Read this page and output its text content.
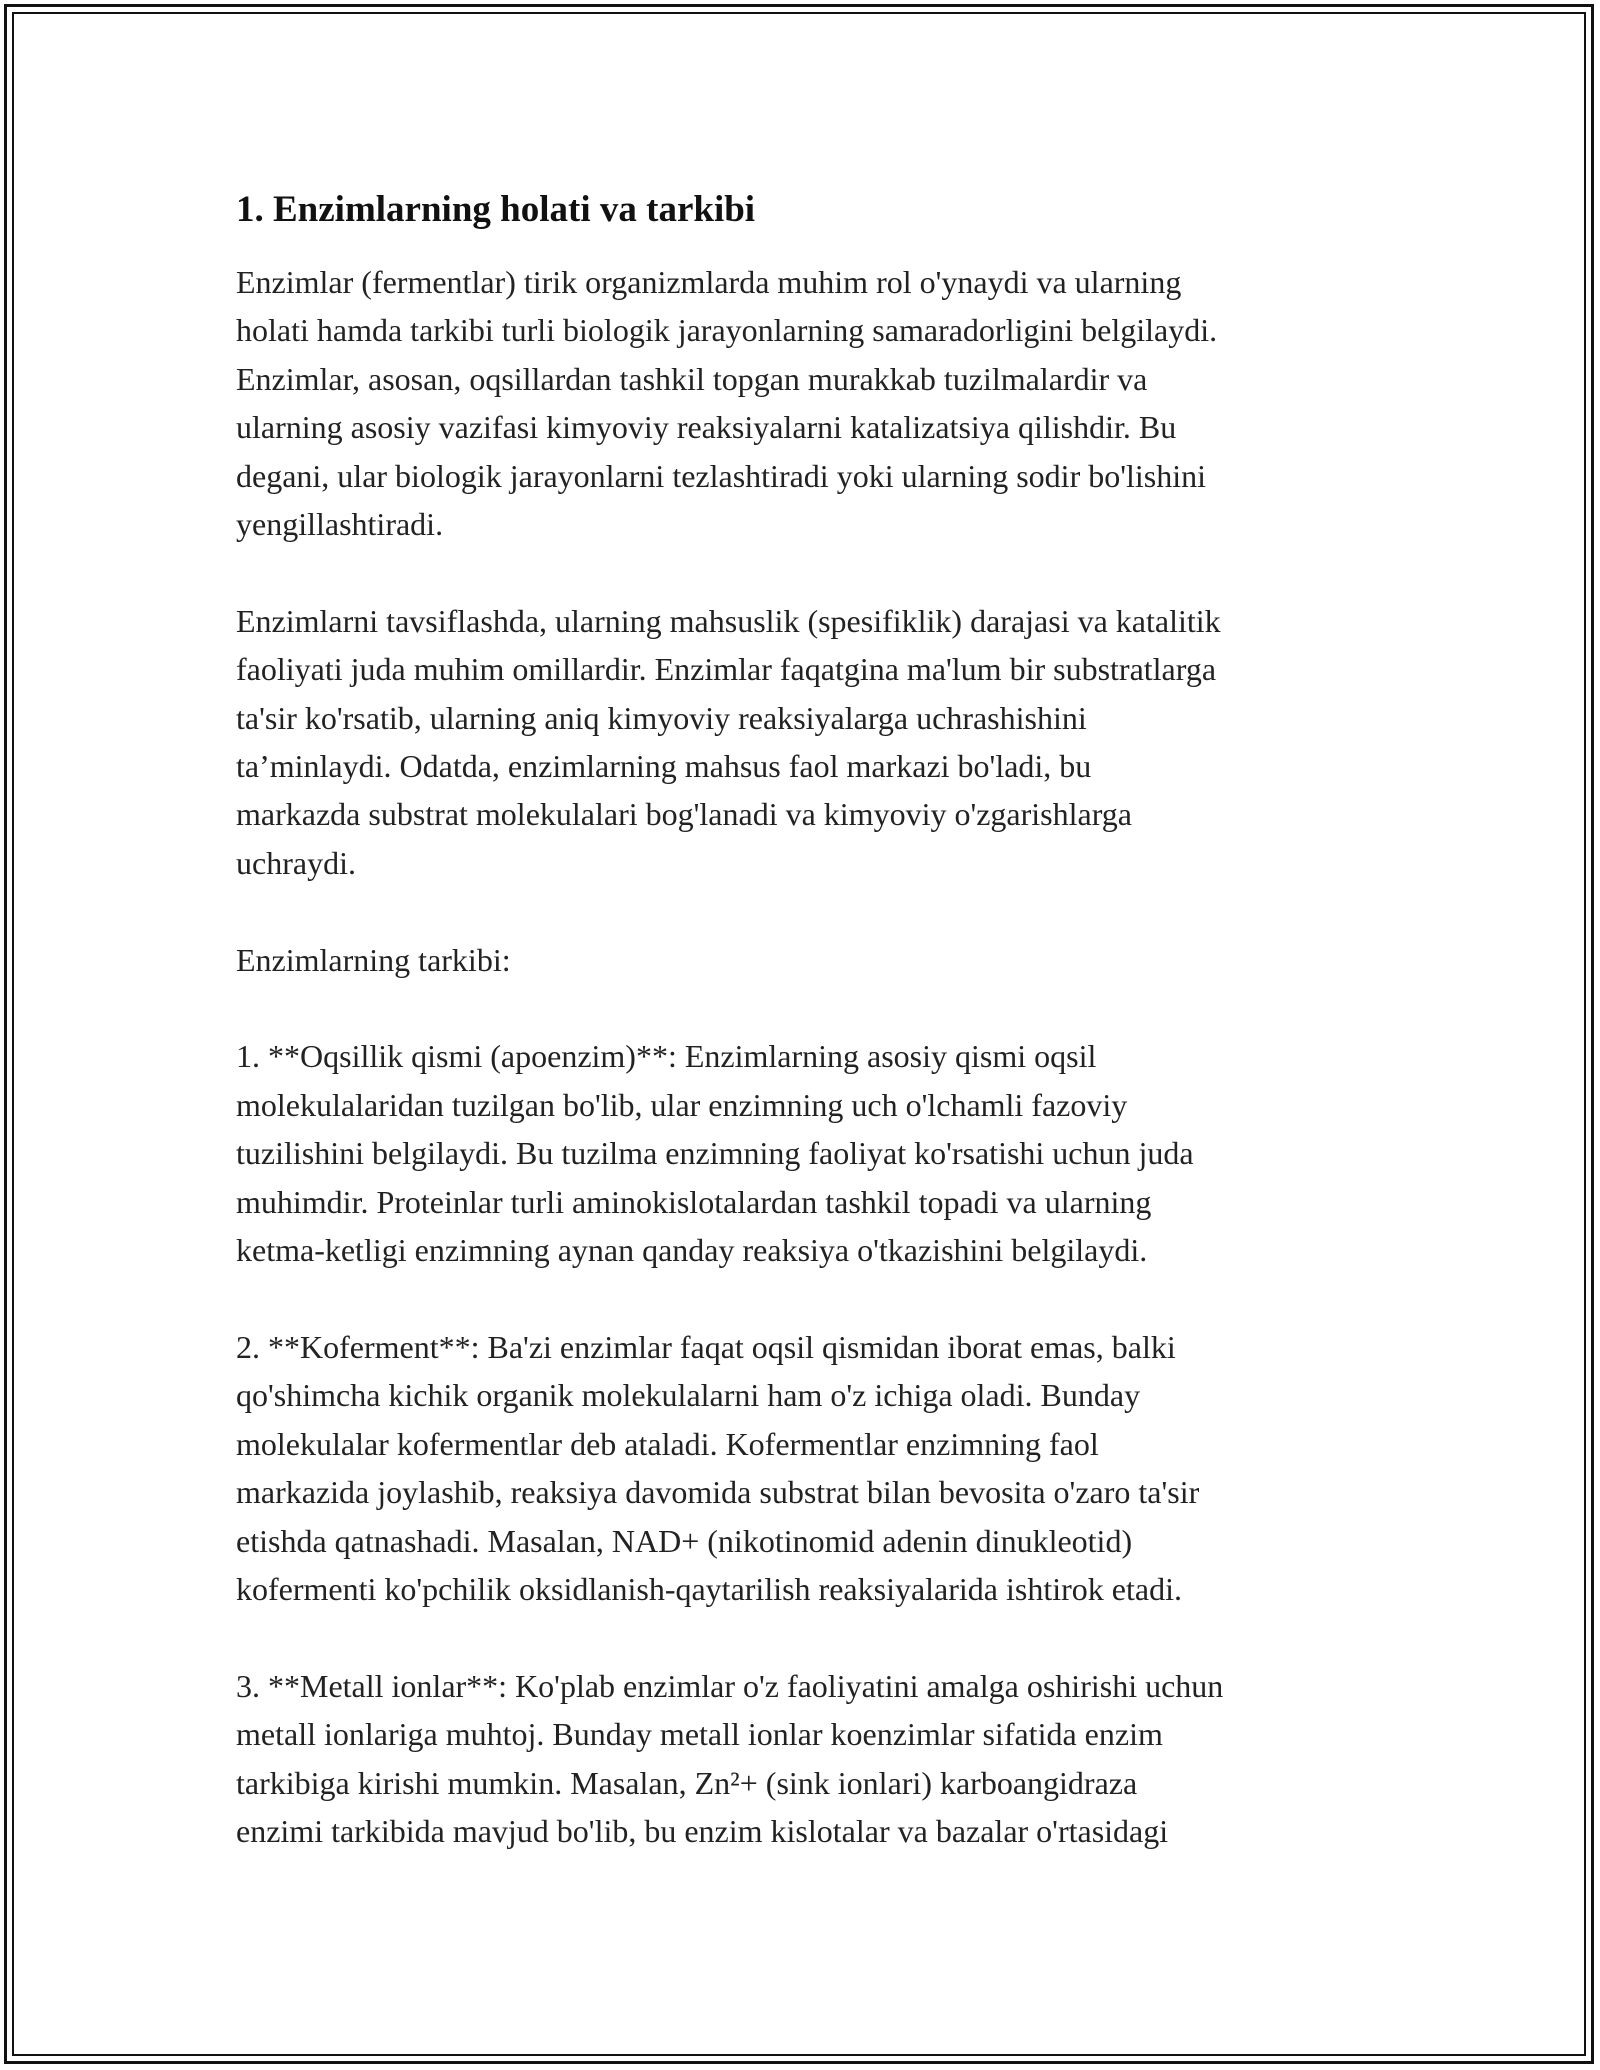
1. Enzimlarning holati va tarkibi
Enzimlar (fermentlar) tirik organizmlarda muhim rol o'ynaydi va ularning
holati hamda tarkibi turli biologik jarayonlarning samaradorligini belgilaydi.
Enzimlar, asosan, oqsillardan tashkil topgan murakkab tuzilmalardir va
ularning asosiy vazifasi kimyoviy reaksiyalarni katalizatsiya qilishdir. Bu
degani, ular biologik jarayonlarni tezlashtiradi yoki ularning sodir bo'lishini
yengillashtiradi.
Enzimlarni tavsiflashda, ularning mahsuslik (spesifiklik) darajasi va katalitik
faoliyati juda muhim omillardir. Enzimlar faqatgina ma'lum bir substratlarga
ta'sir ko'rsatib, ularning aniq kimyoviy reaksiyalarga uchrashishini
ta’minlaydi. Odatda, enzimlarning mahsus faol markazi bo'ladi, bu
markazda substrat molekulalari bog'lanadi va kimyoviy o'zgarishlarga
uchraydi.
Enzimlarning tarkibi:
1. **Oqsillik qismi (apoenzim)**: Enzimlarning asosiy qismi oqsil
molekulalaridan tuzilgan bo'lib, ular enzimning uch o'lchamli fazoviy
tuzilishini belgilaydi. Bu tuzilma enzimning faoliyat ko'rsatishi uchun juda
muhimdir. Proteinlar turli aminokislotalardan tashkil topadi va ularning
ketma-ketligi enzimning aynan qanday reaksiya o'tkazishini belgilaydi.
2. **Koferment**: Ba'zi enzimlar faqat oqsil qismidan iborat emas, balki
qo'shimcha kichik organik molekulalarni ham o'z ichiga oladi. Bunday
molekulalar kofermentlar deb ataladi. Kofermentlar enzimning faol
markazida joylashib, reaksiya davomida substrat bilan bevosita o'zaro ta'sir
etishda qatnashadi. Masalan, NAD+ (nikotinomid adenin dinukleotid)
kofermenti ko'pchilik oksidlanish-qaytarilish reaksiyalarida ishtirok etadi.
3. **Metall ionlar**: Ko'plab enzimlar o'z faoliyatini amalga oshirishi uchun
metall ionlariga muhtoj. Bunday metall ionlar koenzimlar sifatida enzim
tarkibiga kirishi mumkin. Masalan, Zn²+ (sink ionlari) karboangidraza
enzimi tarkibida mavjud bo'lib, bu enzim kislotalar va bazalar o'rtasidagi
